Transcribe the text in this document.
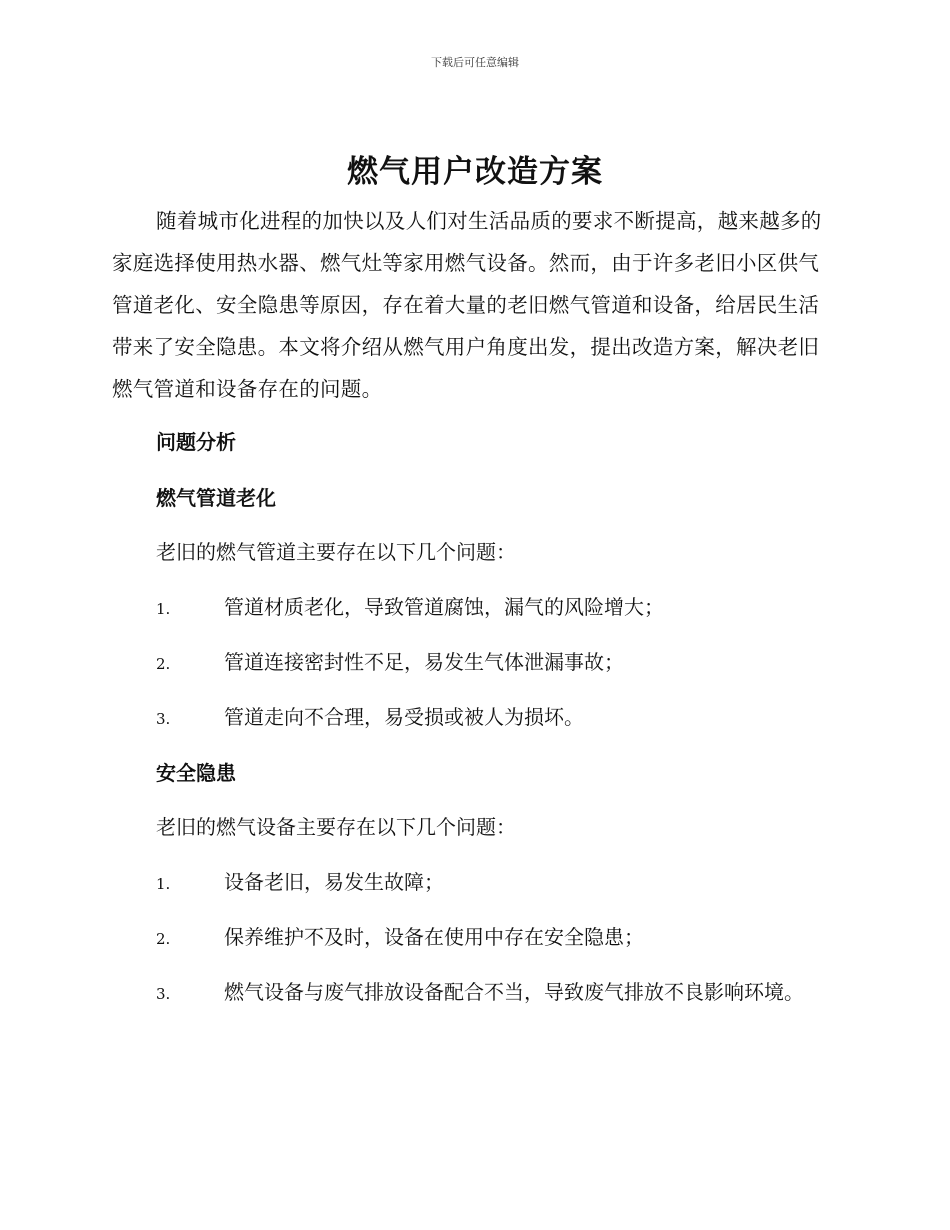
下载后可任意编辑
燃气用户改造方案

随着城市化进程的加快以及人们对生活品质的要求不断提高，越来越多的家庭选择使用热水器、燃气灶等家用燃气设备。然而，由于许多老旧小区供气管道老化、安全隐患等原因，存在着大量的老旧燃气管道和设备，给居民生活带来了安全隐患。本文将介绍从燃气用户角度出发，提出改造方案，解决老旧燃气管道和设备存在的问题。

问题分析
燃气管道老化

老旧的燃气管道主要存在以下几个问题：

1.	管道材质老化，导致管道腐蚀，漏气的风险增大；
2.	管道连接密封性不足，易发生气体泄漏事故；
3.	管道走向不合理，易受损或被人为损坏。
安全隐患

老旧的燃气设备主要存在以下几个问题：

1.	设备老旧，易发生故障；
2.	保养维护不及时，设备在使用中存在安全隐患；
3.	燃气设备与废气排放设备配合不当，导致废气排放不良影响环境。
